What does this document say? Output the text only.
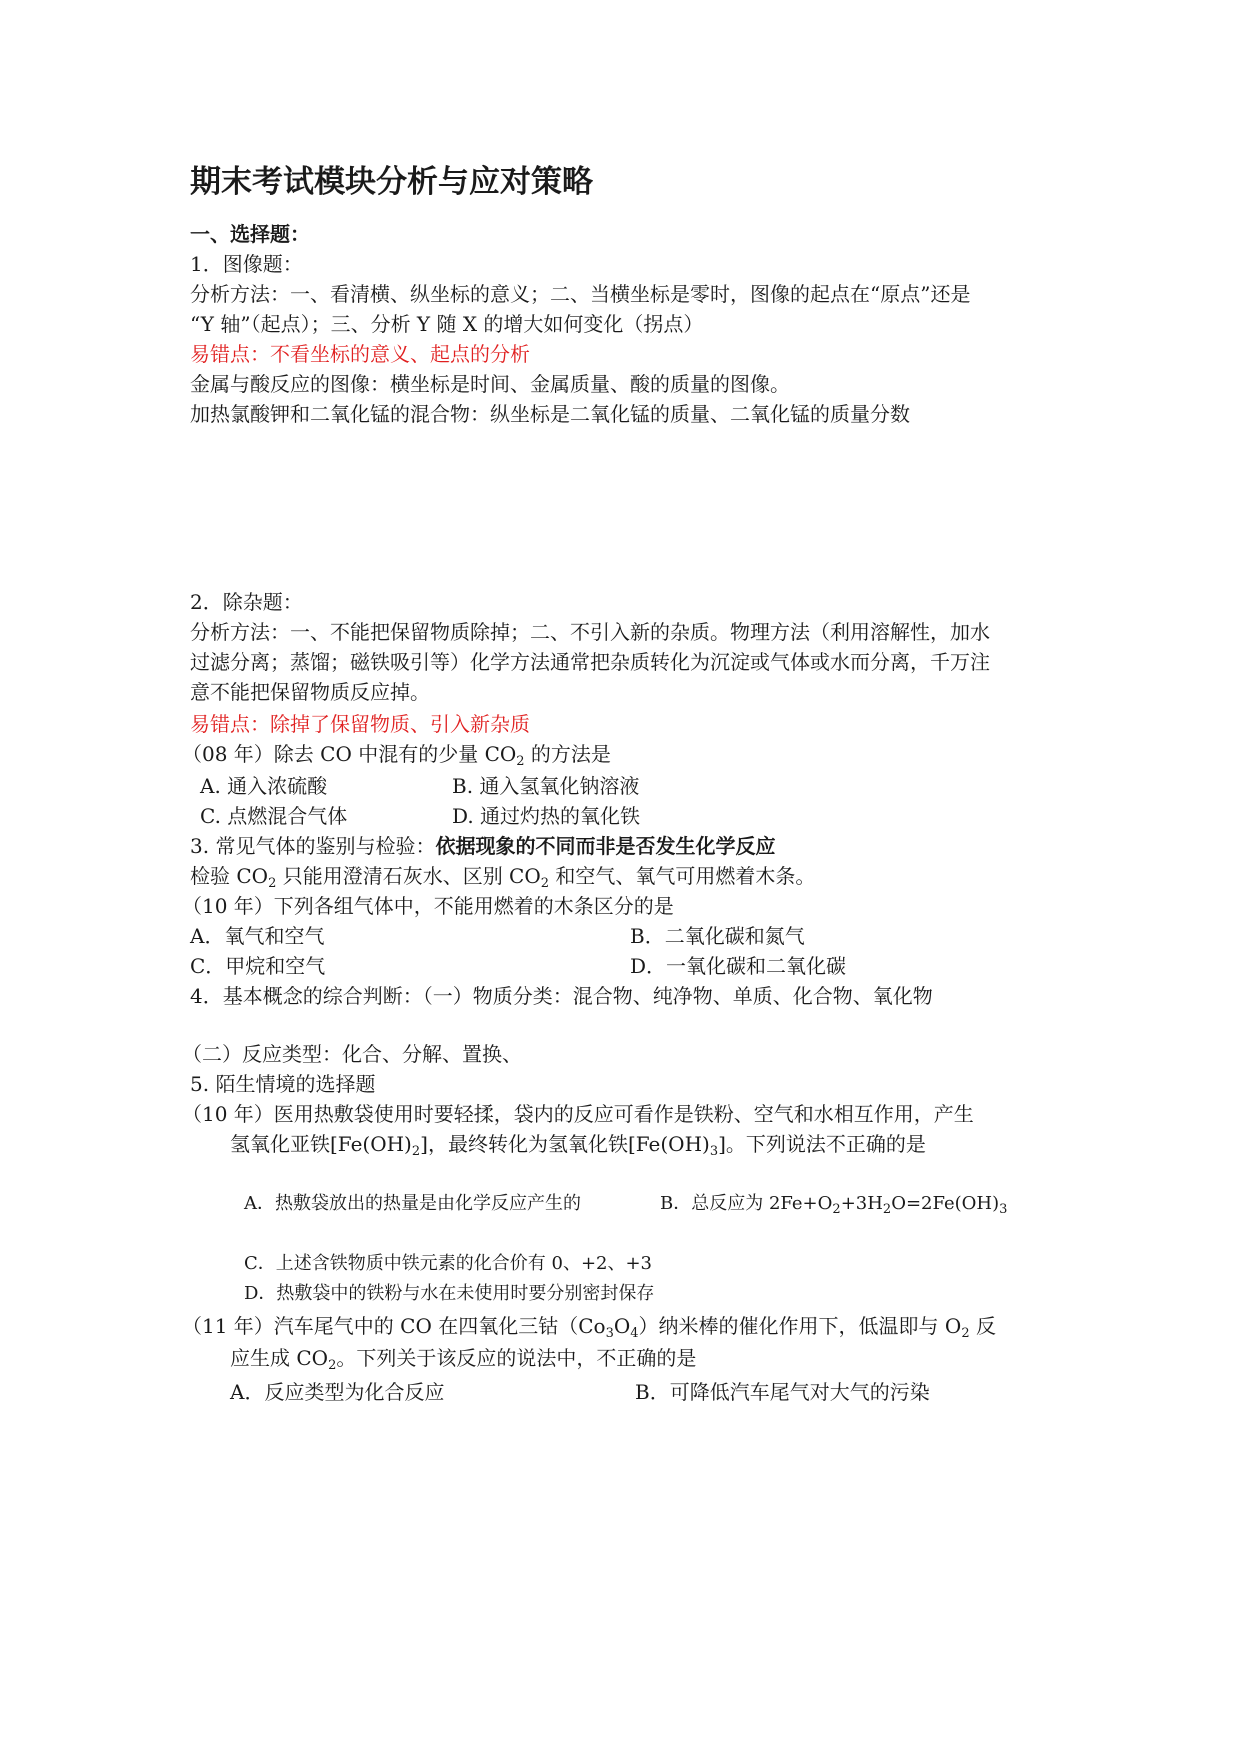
期末考试模块分析与应对策略
一、选择题：
1．图像题：
分析方法：一、看清横、纵坐标的意义；二、当横坐标是零时，图像的起点在“原点”还是
“Y 轴”（起点）；三、分析 Y 随 X 的增大如何变化（拐点）
易错点：不看坐标的意义、起点的分析
金属与酸反应的图像：横坐标是时间、金属质量、酸的质量的图像。
加热氯酸钾和二氧化锰的混合物：纵坐标是二氧化锰的质量、二氧化锰的质量分数
2．除杂题：
分析方法：一、不能把保留物质除掉；二、不引入新的杂质。物理方法（利用溶解性，加水
过滤分离；蒸馏；磁铁吸引等）化学方法通常把杂质转化为沉淀或气体或水而分离，千万注
意不能把保留物质反应掉。
易错点：除掉了保留物质、引入新杂质
（08 年）除去 CO 中混有的少量 $CO_2$ 的方法是
A. 通入浓硫酸	B. 通入氢氧化钠溶液
C. 点燃混合气体	D. 通过灼热的氧化铁
3. 常见气体的鉴别与检验：依据现象的不同而非是否发生化学反应
检验 $CO_2$ 只能用澄清石灰水、区别 $CO_2$ 和空气、氧气可用燃着木条。
（10 年）下列各组气体中，不能用燃着的木条区分的是
A．氧气和空气	B．二氧化碳和氮气
C．甲烷和空气	D．一氧化碳和二氧化碳
4．基本概念的综合判断：（一）物质分类：混合物、纯净物、单质、化合物、氧化物
（二）反应类型：化合、分解、置换、
5. 陌生情境的选择题
（10 年）医用热敷袋使用时要轻揉，袋内的反应可看作是铁粉、空气和水相互作用，产生
氢氧化亚铁$[Fe(OH)_2]$，最终转化为氢氧化铁$[Fe(OH)_3]$。下列说法不正确的是
A．热敷袋放出的热量是由化学反应产生的	B．总反应为 $2Fe+O_2+3H_2O=2Fe(OH)_3$
C．上述含铁物质中铁元素的化合价有 0、+2、+3
D．热敷袋中的铁粉与水在未使用时要分别密封保存
（11 年）汽车尾气中的 CO 在四氧化三钴$(Co_3O_4)$纳米棒的催化作用下，低温即与 $O_2$ 反
应生成 $CO_2$。下列关于该反应的说法中，不正确的是
A．反应类型为化合反应	B．可降低汽车尾气对大气的污染
